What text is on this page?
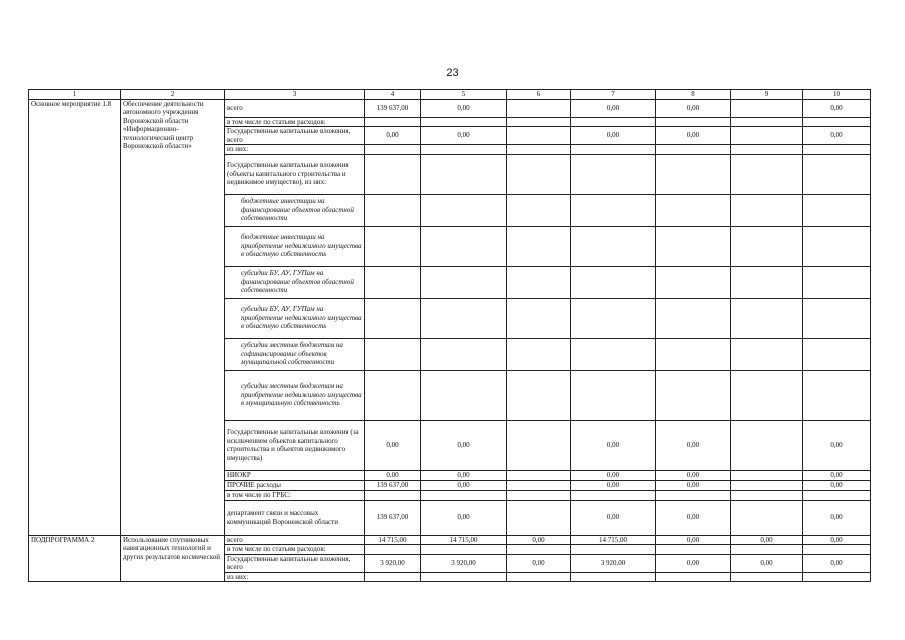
23
1	2	3	4	5	6	7	8	9	10
Основное мероприятие 1.8	Обеспечение деятельности автономного учреждения Воронежской области «Информационно-технологический центр Воронежской области»	всего	139 637,00	0,00		0,00	0,00		0,00
		в том числе по статьям расходов:							
		Государственные капитальные вложения, всего	0,00	0,00		0,00	0,00		0,00
		из них:							
		Государственные капитальные вложения (объекты капитального строительства и недвижимое имущество), из них:							
		бюджетные инвестиции на финансирование объектов областной собственности							
		бюджетные инвестиции на приобретение недвижимого имущества в областную собственность							
		субсидии БУ, АУ, ГУПам на финансирование объектов областной собственности							
		субсидии БУ, АУ, ГУПам на приобретение недвижимого имущества в областную собственность							
		субсидии местным бюджетам на софинансирование объектов муниципальной собственности							
		субсидии местным бюджетам на приобретение недвижимого имущества в муниципальную собственность							
		Государственные капитальные вложения (за исключением объектов капитального строительства и объектов недвижимого имущества)	0,00	0,00		0,00	0,00		0,00
		НИОКР	0,00	0,00		0,00	0,00		0,00
		ПРОЧИЕ расходы	139 637,00	0,00		0,00	0,00		0,00
		в том числе по ГРБС:							
		департамент связи и массовых коммуникаций Воронежской области	139 637,00	0,00		0,00	0,00		0,00
ПОДПРОГРАММА 2	Использование спутниковых навигационных технологий и других результатов космической	всего	14 715,00	14 715,00	0,00	14 715,00	0,00	0,00	0,00
		в том числе по статьям расходов:							
		Государственные капитальные вложения, всего	3 920,00	3 920,00	0,00	3 920,00	0,00	0,00	0,00
		из них:							
